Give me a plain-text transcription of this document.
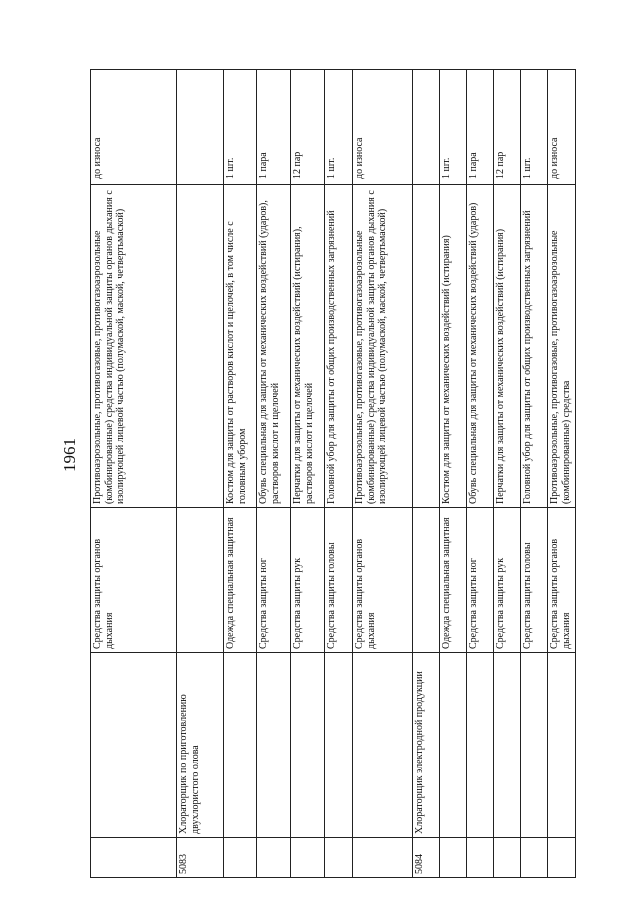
1961
		Средства защиты органов дыхания	Противоаэрозольные, противогазовые, противогазоаэрозольные (комбинированные) средства индивидуальной защиты органов дыхания с изолирующей лицевой частью (полумаской, маской, четвертьмаской)	до износа
5083	Хлораторщик по приготовлению двухлористого олова			
		Одежда специальная защитная	Костюм для защиты от растворов кислот и щелочей, в том числе с головным убором	1 шт.
		Средства защиты ног	Обувь специальная для защиты от механических воздействий (ударов), растворов кислот и щелочей	1 пара
		Средства защиты рук	Перчатки для защиты от механических воздействий (истирания), растворов кислот и щелочей	12 пар
		Средства защиты головы	Головной убор для защиты от общих производственных загрязнений	1 шт.
		Средства защиты органов дыхания	Противоаэрозольные, противогазовые, противогазоаэрозольные (комбинированные) средства индивидуальной защиты органов дыхания с изолирующей лицевой частью (полумаской, маской, четвертьмаской)	до износа
5084	Хлораторщик электродной продукции			
		Одежда специальная защитная	Костюм для защиты от механических воздействий (истирания)	1 шт.
		Средства защиты ног	Обувь специальная для защиты от механических воздействий (ударов)	1 пара
		Средства защиты рук	Перчатки для защиты от механических воздействий (истирания)	12 пар
		Средства защиты головы	Головной убор для защиты от общих производственных загрязнений	1 шт.
		Средства защиты органов дыхания	Противоаэрозольные, противогазовые, противогазоаэрозольные (комбинированные) средства	до износа
